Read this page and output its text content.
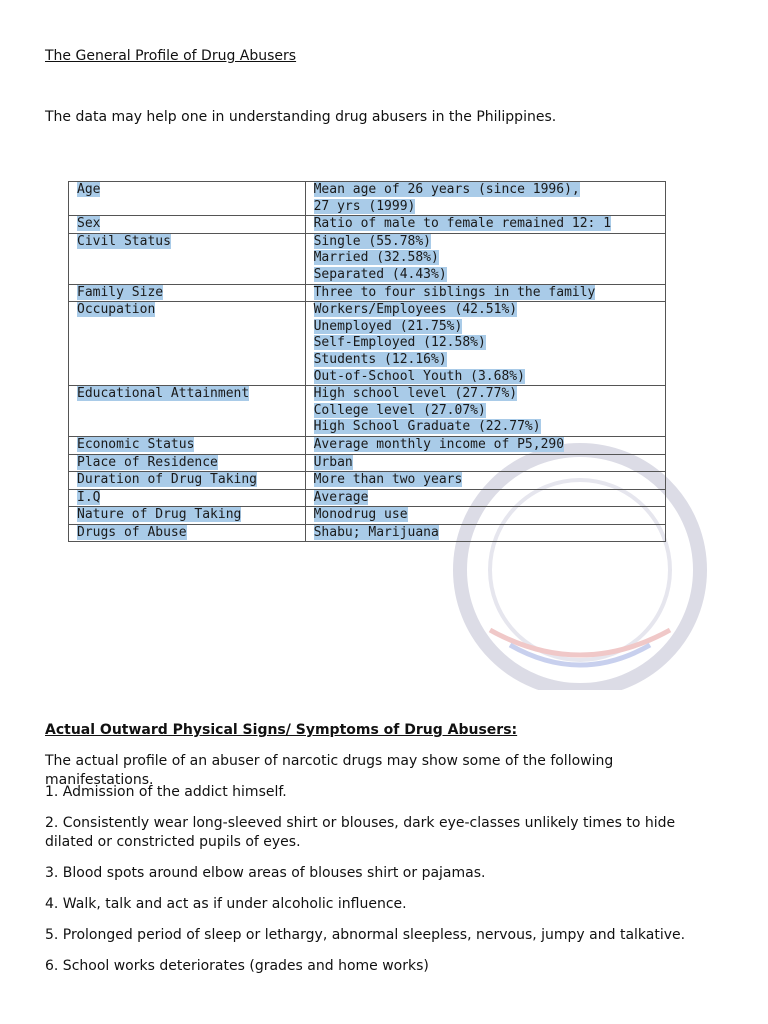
The General Profile of Drug Abusers
The data may help one in understanding drug abusers in the Philippines.
Age	Mean age of 26 years (since 1996),
27 yrs (1999)

Sex	Ratio of male to female remained 12: 1

Civil Status	Single (55.78%)
Married (32.58%)
Separated (4.43%)

Family Size	Three to four siblings in the family

Occupation	Workers/Employees (42.51%)
Unemployed (21.75%)
Self-Employed (12.58%)
Students (12.16%)
Out-of-School Youth (3.68%)

Educational Attainment	High school level (27.77%)
College level (27.07%)
High School Graduate (22.77%)

Economic Status	Average monthly income of P5,290

Place of Residence	Urban

Duration of Drug Taking	More than two years

I.Q	Average

Nature of Drug Taking	Monodrug use

Drugs of Abuse	Shabu; Marijuana
Actual Outward Physical Signs/ Symptoms of Drug Abusers:
The actual profile of an abuser of narcotic drugs may show some of the following manifestations.
1. Admission of the addict himself.
2. Consistently wear long-sleeved shirt or blouses, dark eye-classes unlikely times to hide dilated or constricted pupils of eyes.
3. Blood spots around elbow areas of blouses shirt or pajamas.
4. Walk, talk and act as if under alcoholic influence.
5. Prolonged period of sleep or lethargy, abnormal sleepless, nervous, jumpy and talkative.
6. School works deteriorates (grades and home works)
